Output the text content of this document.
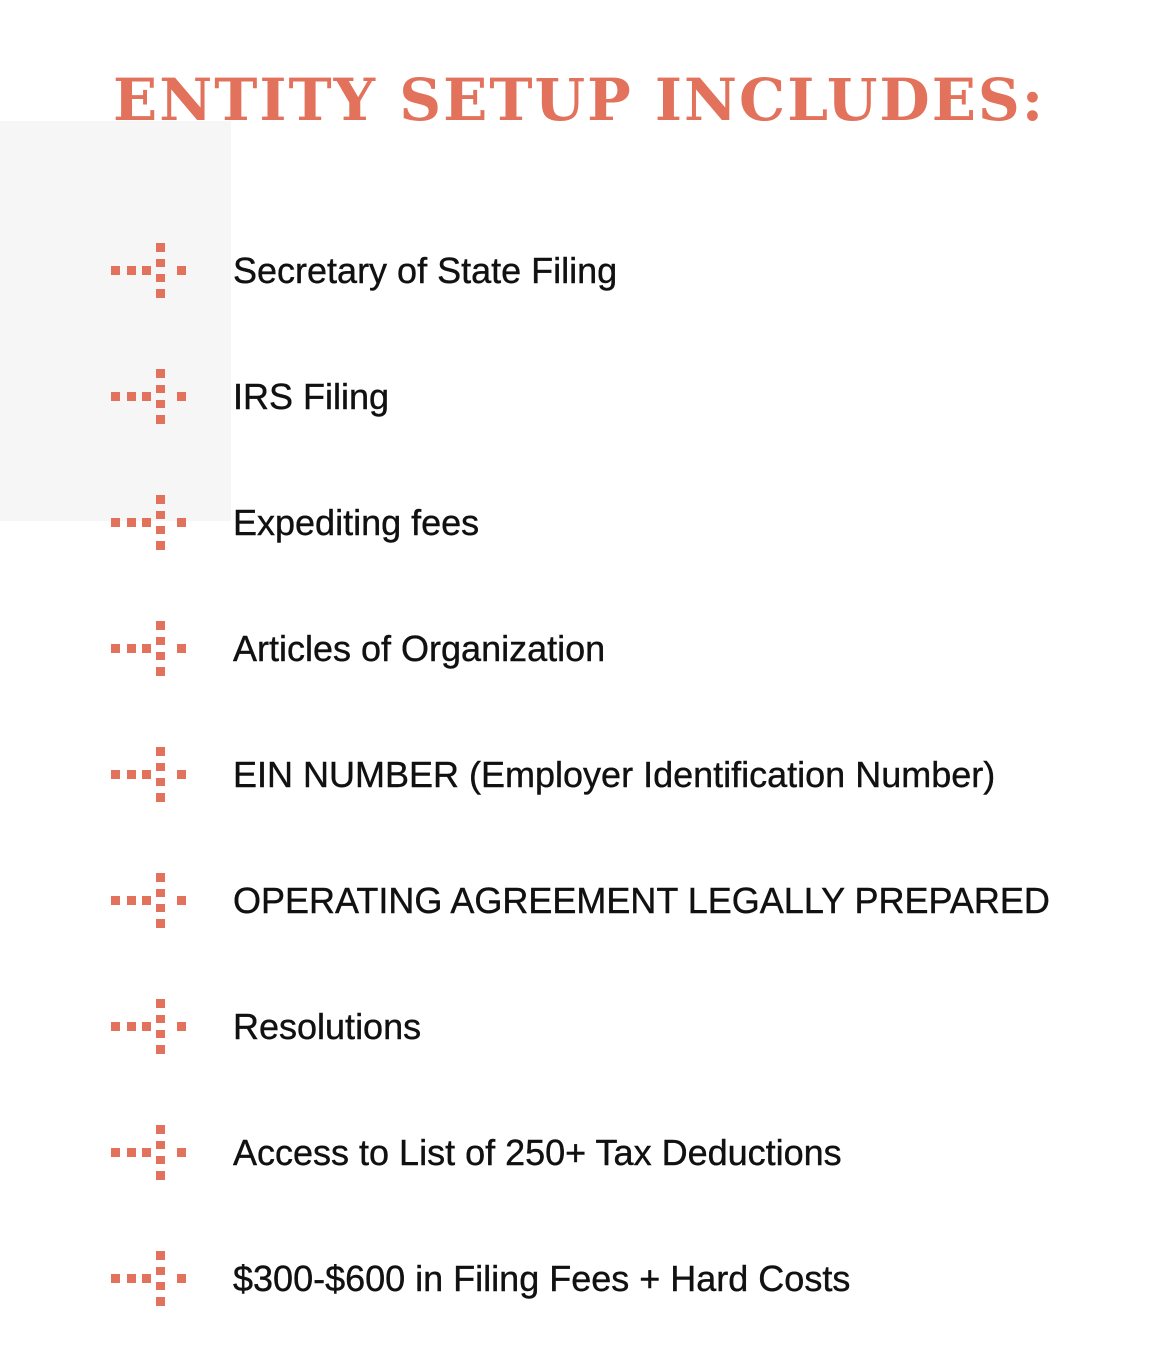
ENTITY SETUP INCLUDES:
Secretary of State Filing
IRS Filing
Expediting fees
Articles of Organization
EIN NUMBER (Employer Identification Number)
OPERATING AGREEMENT LEGALLY PREPARED
Resolutions
Access to List of 250+ Tax Deductions
$300-$600 in Filing Fees + Hard Costs
